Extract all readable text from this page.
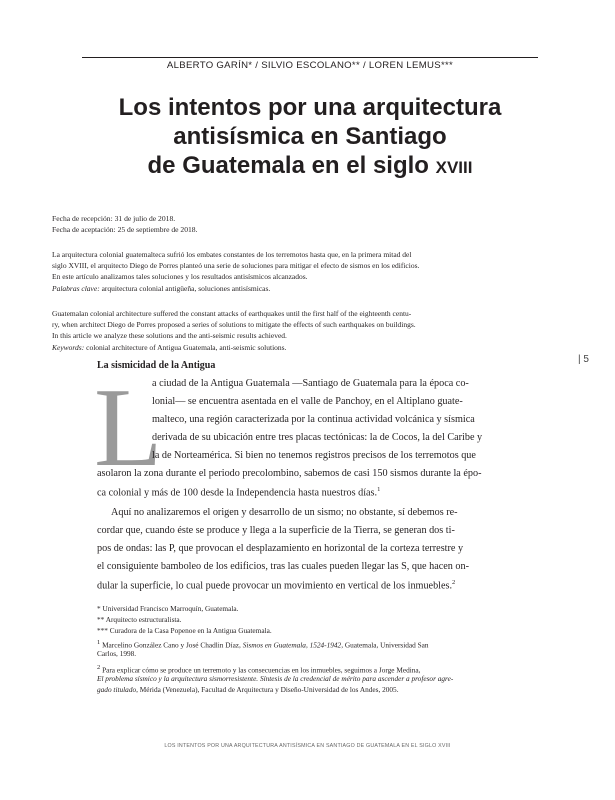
ALBERTO GARÍN* / SILVIO ESCOLANO** / LOREN LEMUS***
Los intentos por una arquitectura
antisísmica en Santiago
de Guatemala en el siglo XVIII
Fecha de recepción: 31 de julio de 2018.
Fecha de aceptación: 25 de septiembre de 2018.
La arquitectura colonial guatemalteca sufrió los embates constantes de los terremotos hasta que, en la primera mitad del
siglo XVIII, el arquitecto Diego de Porres planteó una serie de soluciones para mitigar el efecto de sismos en los edificios.
En este artículo analizamos tales soluciones y los resultados antisísmicos alcanzados.
Palabras clave: arquitectura colonial antigüeña, soluciones antisísmicas.
Guatemalan colonial architecture suffered the constant attacks of earthquakes until the first half of the eighteenth centu-
ry, when architect Diego de Porres proposed a series of solutions to mitigate the effects of such earthquakes on buildings.
In this article we analyze these solutions and the anti-seismic results achieved.
Keywords: colonial architecture of Antigua Guatemala, anti-seismic solutions.
La sismicidad de la Antigua
| 5
L
a ciudad de la Antigua Guatemala —Santiago de Guatemala para la época co-
lonial— se encuentra asentada en el valle de Panchoy, en el Altiplano guate-
malteco, una región caracterizada por la continua actividad volcánica y sísmica
derivada de su ubicación entre tres placas tectónicas: la de Cocos, la del Caribe y
la de Norteamérica. Si bien no tenemos registros precisos de los terremotos que
asolaron la zona durante el periodo precolombino, sabemos de casi 150 sismos durante la épo-
ca colonial y más de 100 desde la Independencia hasta nuestros días.$^1$
Aquí no analizaremos el origen y desarrollo de un sismo; no obstante, sí debemos re-
cordar que, cuando éste se produce y llega a la superficie de la Tierra, se generan dos ti-
pos de ondas: las P, que provocan el desplazamiento en horizontal de la corteza terrestre y
el consiguiente bamboleo de los edificios, tras las cuales pueden llegar las S, que hacen on-
dular la superficie, lo cual puede provocar un movimiento en vertical de los inmuebles.$^2$
* Universidad Francisco Marroquín, Guatemala.
** Arquitecto estructuralista.
*** Curadora de la Casa Popenoe en la Antigua Guatemala.
$^1$ Marcelino González Cano y José Chadlin Díaz, Sismos en Guatemala, 1524-1942, Guatemala, Universidad San
Carlos, 1998.
$^2$ Para explicar cómo se produce un terremoto y las consecuencias en los inmuebles, seguimos a Jorge Medina,
El problema sísmico y la arquitectura sismorresistente. Síntesis de la credencial de mérito para ascender a profesor agre-
gado titulado, Mérida (Venezuela), Facultad de Arquitectura y Diseño-Universidad de los Andes, 2005.
LOS INTENTOS POR UNA ARQUITECTURA ANTISÍSMICA EN SANTIAGO DE GUATEMALA EN EL SIGLO XVIII
